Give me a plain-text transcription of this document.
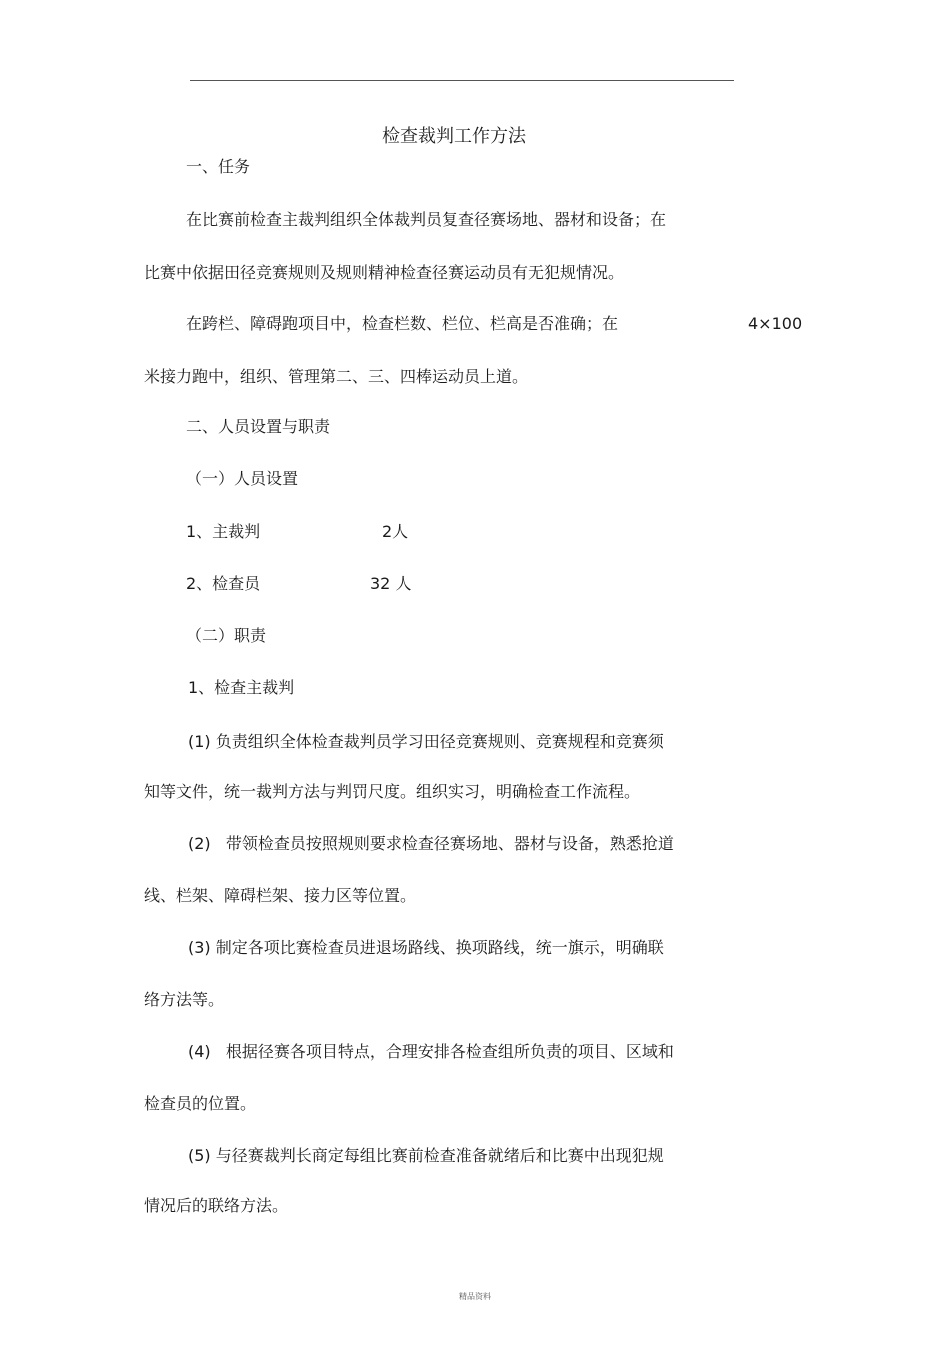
检查裁判工作方法
一、任务
在比赛前检查主裁判组织全体裁判员复查径赛场地、器材和设备；在
比赛中依据田径竞赛规则及规则精神检查径赛运动员有无犯规情况。
在跨栏、障碍跑项目中，检查栏数、栏位、栏高是否准确；在	4×100
米接力跑中，组织、管理第二、三、四棒运动员上道。
二、人员设置与职责
（一）人员设置
1、主裁判	2人
2、检查员	32 人
（二）职责
1、检查主裁判
(1) 负责组织全体检查裁判员学习田径竞赛规则、竞赛规程和竞赛须
知等文件，统一裁判方法与判罚尺度。组织实习，明确检查工作流程。
(2)   带领检查员按照规则要求检查径赛场地、器材与设备，熟悉抢道
线、栏架、障碍栏架、接力区等位置。
(3) 制定各项比赛检查员进退场路线、换项路线，统一旗示，明确联
络方法等。
(4)   根据径赛各项目特点，合理安排各检查组所负责的项目、区域和
检查员的位置。
(5) 与径赛裁判长商定每组比赛前检查准备就绪后和比赛中出现犯规
情况后的联络方法。
精品资料
